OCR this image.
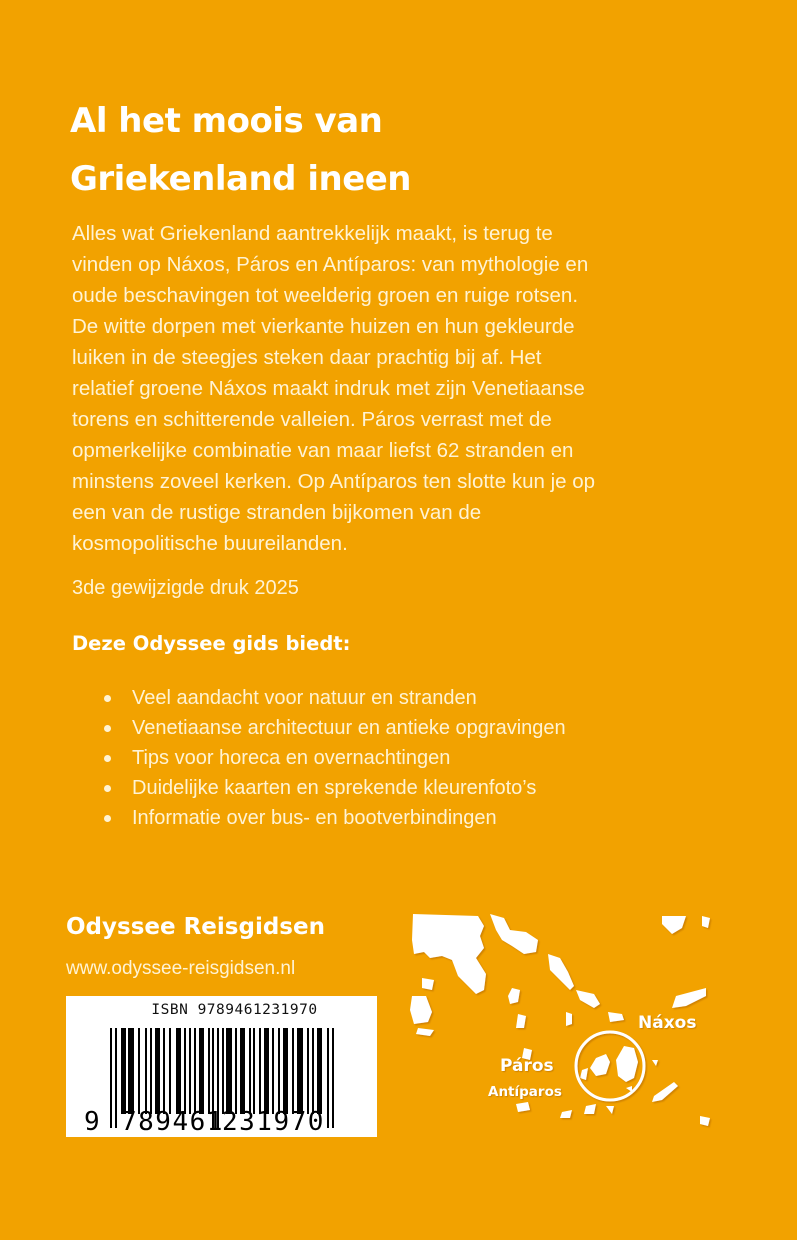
Al het moois van
Griekenland ineen

Alles wat Griekenland aantrekkelijk maakt, is terug te
vinden op Náxos, Páros en Antíparos: van mythologie en
oude beschavingen tot weelderig groen en ruige rotsen.
De witte dorpen met vierkante huizen en hun gekleurde
luiken in de steegjes steken daar prachtig bij af. Het
relatief groene Náxos maakt indruk met zijn Venetiaanse
torens en schitterende valleien. Páros verrast met de
opmerkelijke combinatie van maar liefst 62 stranden en
minstens zoveel kerken. Op Antíparos ten slotte kun je op
een van de rustige stranden bijkomen van de
kosmopolitische buureilanden.

3de gewijzigde druk 2025

Deze Odyssee gids biedt:
Veel aandacht voor natuur en stranden
Venetiaanse architectuur en antieke opgravingen
Tips voor horeca en overnachtingen
Duidelijke kaarten en sprekende kleurenfoto’s
Informatie over bus- en bootverbindingen
Odyssee Reisgidsen
www.odyssee-reisgidsen.nl
ISBN 9789461231970
9 789461
231970
Náxos
Páros
Antíparos
